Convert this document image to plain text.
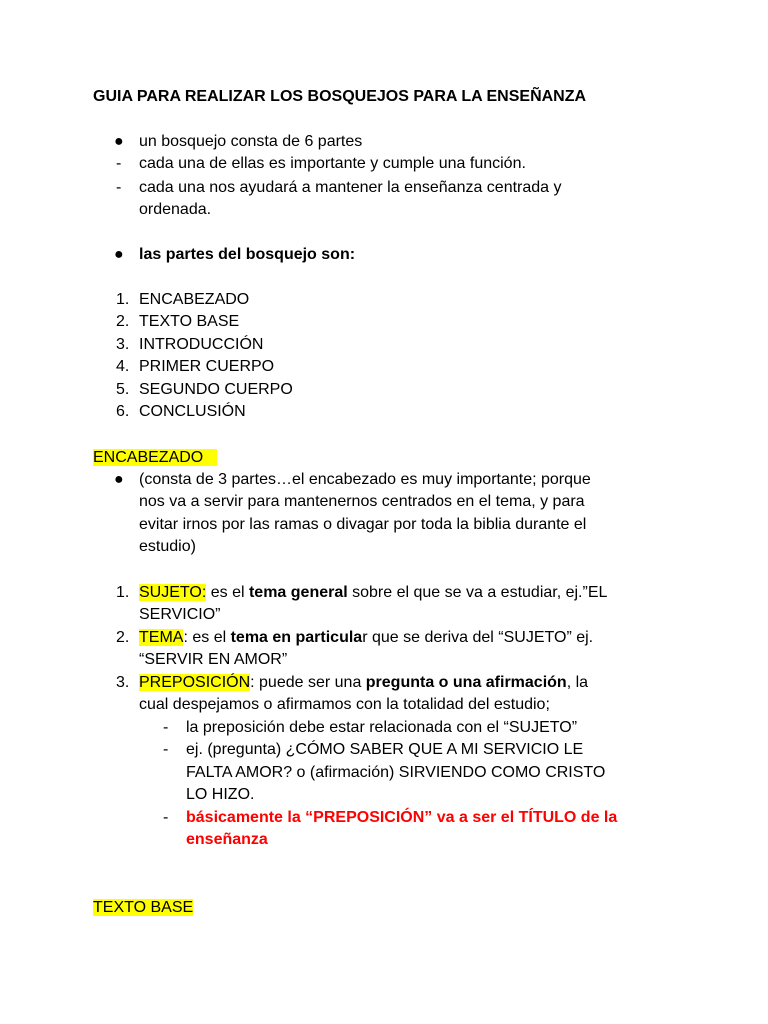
GUIA PARA REALIZAR LOS BOSQUEJOS PARA LA ENSEÑANZA
● un bosquejo consta de 6 partes
- cada una de ellas es importante y cumple una función.
- cada una nos ayudará a mantener la enseñanza centrada y
ordenada.
● las partes del bosquejo son:
1. ENCABEZADO
2. TEXTO BASE
3. INTRODUCCIÓN
4. PRIMER CUERPO
5. SEGUNDO CUERPO
6. CONCLUSIÓN
ENCABEZADO
● (consta de 3 partes…el encabezado es muy importante; porque
nos va a servir para mantenernos centrados en el tema, y para
evitar irnos por las ramas o divagar por toda la biblia durante el
estudio)
1. SUJETO: es el tema general sobre el que se va a estudiar, ej.”EL
SERVICIO”
2. TEMA: es el tema en particular que se deriva del “SUJETO” ej.
“SERVIR EN AMOR”
3. PREPOSICIÓN: puede ser una pregunta o una afirmación, la
cual despejamos o afirmamos con la totalidad del estudio;
- la preposición debe estar relacionada con el “SUJETO”
- ej. (pregunta) ¿CÓMO SABER QUE A MI SERVICIO LE
FALTA AMOR? o (afirmación) SIRVIENDO COMO CRISTO
LO HIZO.
- básicamente la “PREPOSICIÓN” va a ser el TÍTULO de la
enseñanza
TEXTO BASE
